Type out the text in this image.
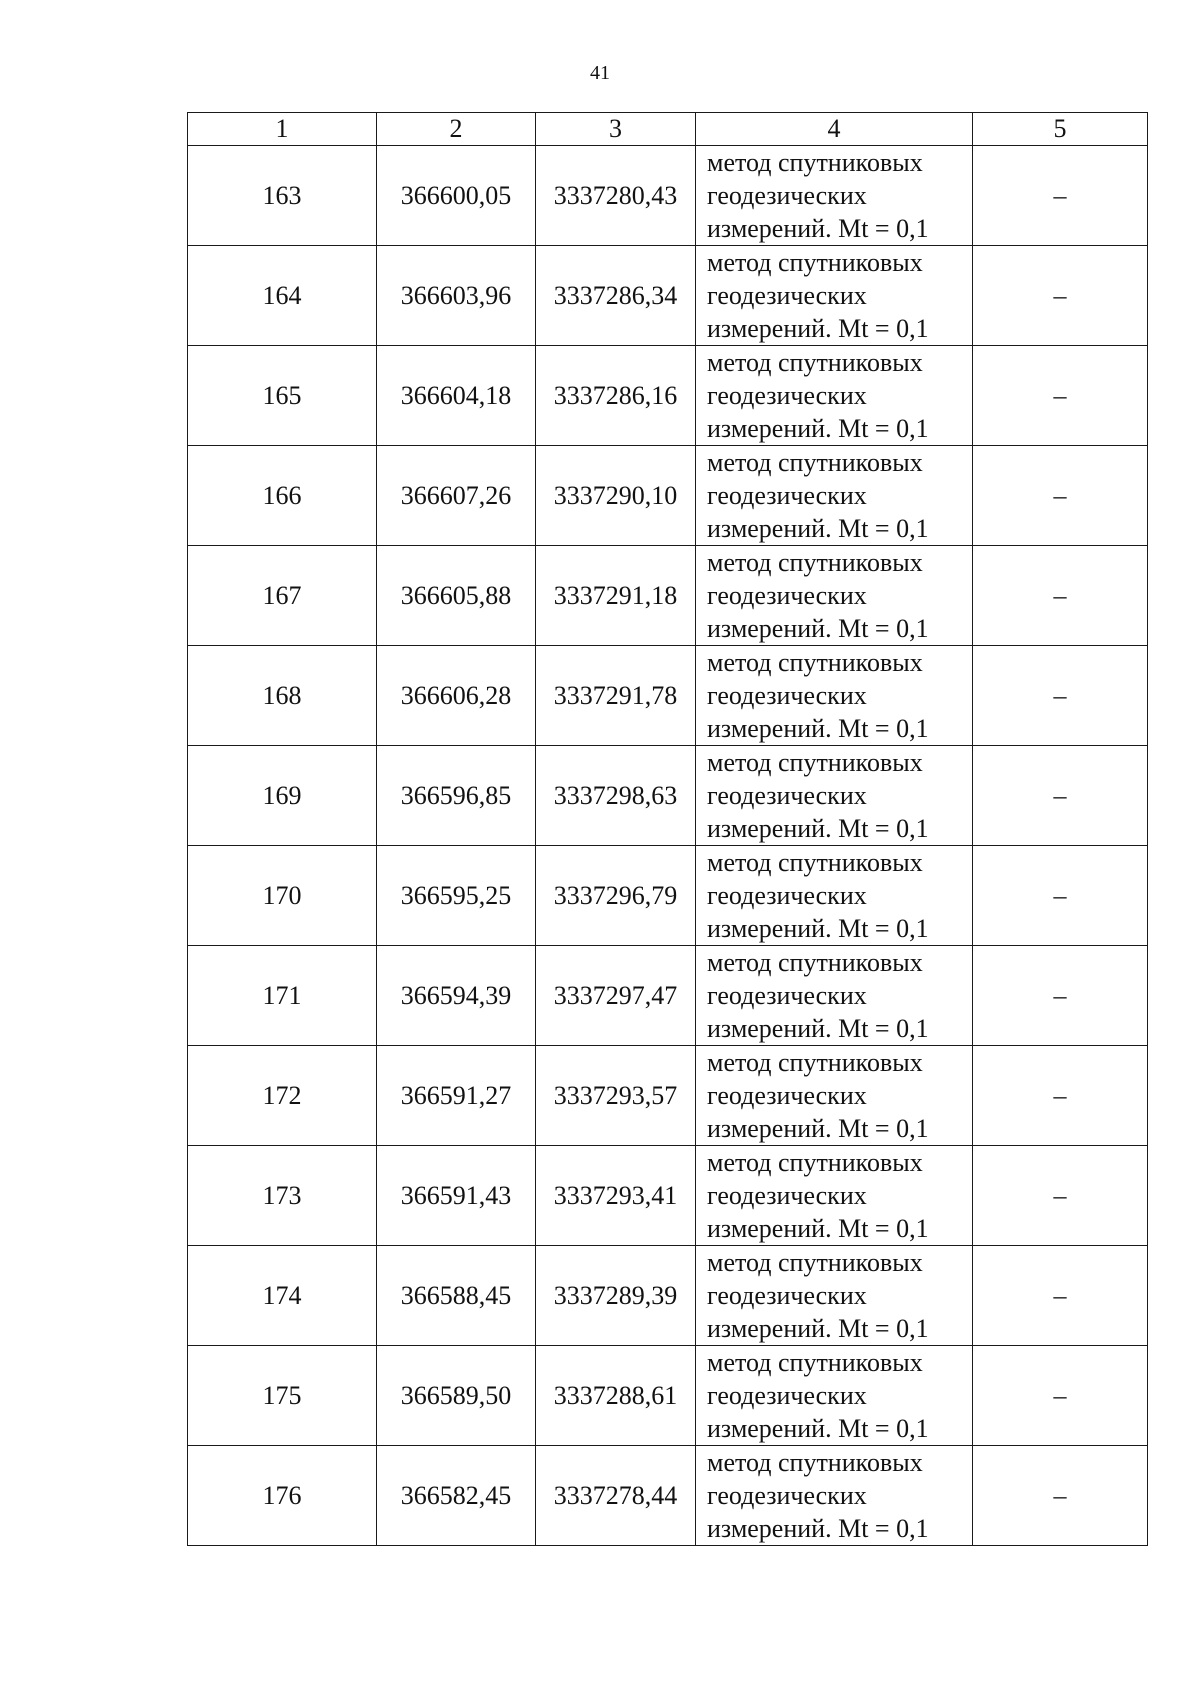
41
1	2	3	4	5
163	366600,05	3337280,43	метод спутниковых
геодезических
измерений. Mt = 0,1	–
164	366603,96	3337286,34	метод спутниковых
геодезических
измерений. Mt = 0,1	–
165	366604,18	3337286,16	метод спутниковых
геодезических
измерений. Mt = 0,1	–
166	366607,26	3337290,10	метод спутниковых
геодезических
измерений. Mt = 0,1	–
167	366605,88	3337291,18	метод спутниковых
геодезических
измерений. Mt = 0,1	–
168	366606,28	3337291,78	метод спутниковых
геодезических
измерений. Mt = 0,1	–
169	366596,85	3337298,63	метод спутниковых
геодезических
измерений. Mt = 0,1	–
170	366595,25	3337296,79	метод спутниковых
геодезических
измерений. Mt = 0,1	–
171	366594,39	3337297,47	метод спутниковых
геодезических
измерений. Mt = 0,1	–
172	366591,27	3337293,57	метод спутниковых
геодезических
измерений. Mt = 0,1	–
173	366591,43	3337293,41	метод спутниковых
геодезических
измерений. Mt = 0,1	–
174	366588,45	3337289,39	метод спутниковых
геодезических
измерений. Mt = 0,1	–
175	366589,50	3337288,61	метод спутниковых
геодезических
измерений. Mt = 0,1	–
176	366582,45	3337278,44	метод спутниковых
геодезических
измерений. Mt = 0,1	–
